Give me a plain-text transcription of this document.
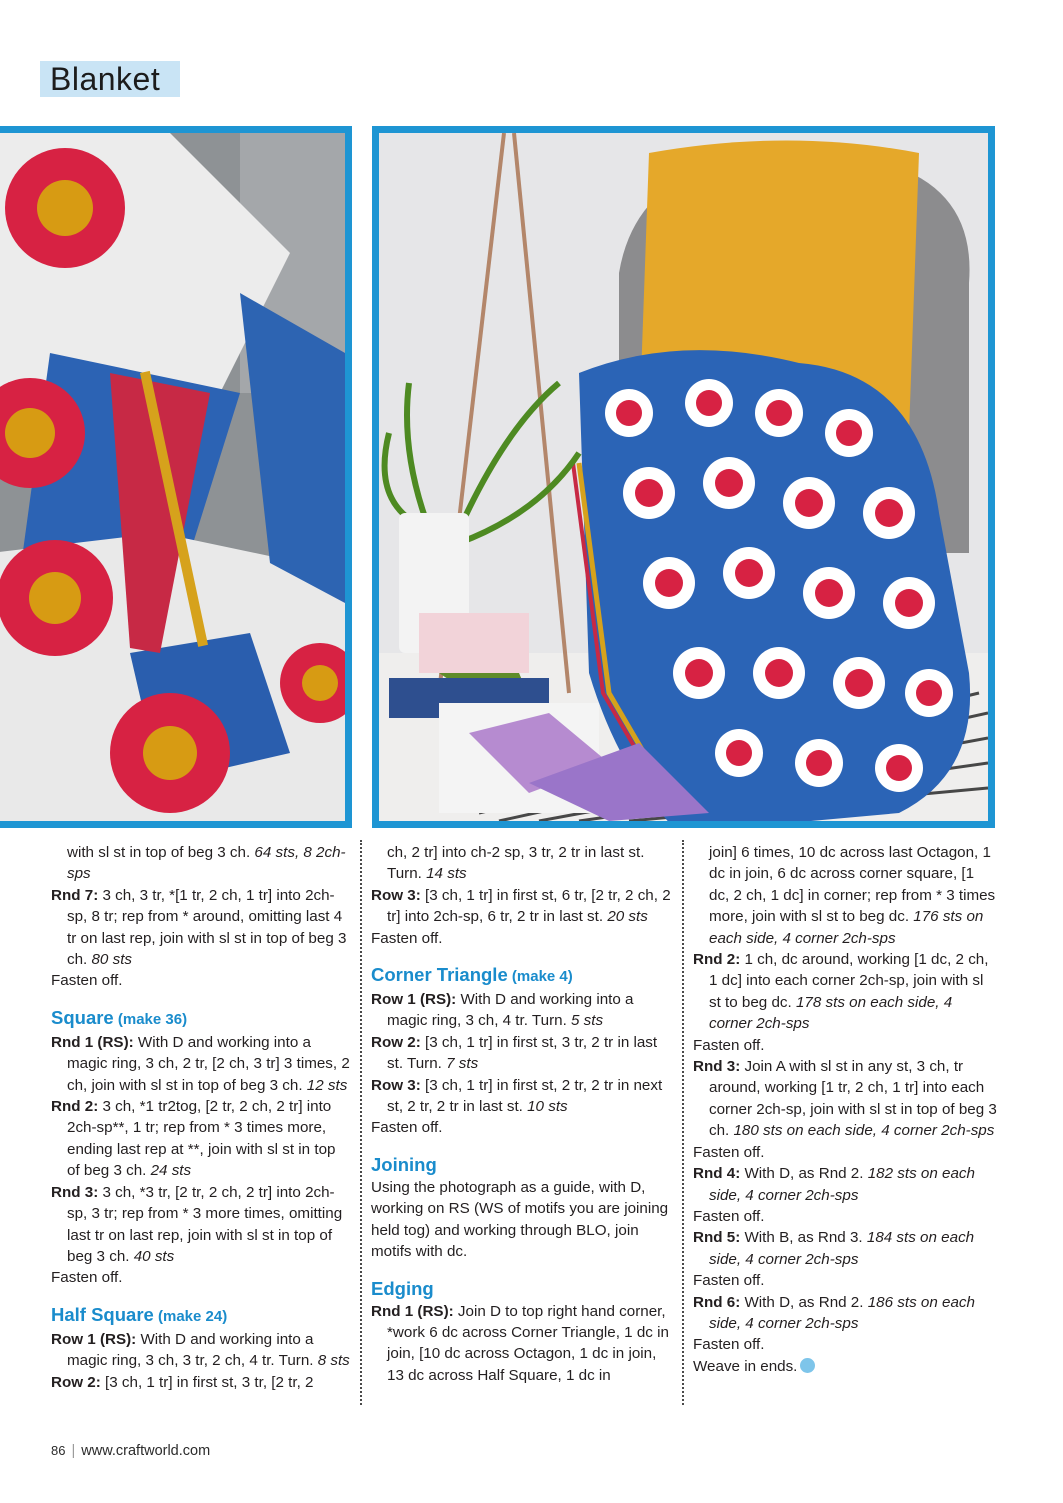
Blanket

with sl st in top of beg 3 ch. 64 sts, 8 2ch-sps

Rnd 7: 3 ch, 3 tr, *[1 tr, 2 ch, 1 tr] into 2ch-sp, 8 tr; rep from * around, omitting last 4 tr on last rep, join with sl st in top of beg 3 ch. 80 sts

Fasten off.

Square (make 36)

Rnd 1 (RS): With D and working into a magic ring, 3 ch, 2 tr, [2 ch, 3 tr] 3 times, 2 ch, join with sl st in top of beg 3 ch. 12 sts

Rnd 2: 3 ch, *1 tr2tog, [2 tr, 2 ch, 2 tr] into 2ch-sp**, 1 tr; rep from * 3 times more, ending last rep at **, join with sl st in top of beg 3 ch. 24 sts

Rnd 3: 3 ch, *3 tr, [2 tr, 2 ch, 2 tr] into 2ch-sp, 3 tr; rep from * 3 more times, omitting last tr on last rep, join with sl st in top of beg 3 ch. 40 sts

Fasten off.

Half Square (make 24)

Row 1 (RS): With D and working into a magic ring, 3 ch, 3 tr, 2 ch, 4 tr. Turn. 8 sts

Row 2: [3 ch, 1 tr] in first st, 3 tr, [2 tr, 2

ch, 2 tr] into ch-2 sp, 3 tr, 2 tr in last st. Turn. 14 sts

Row 3: [3 ch, 1 tr] in first st, 6 tr, [2 tr, 2 ch, 2 tr] into 2ch-sp, 6 tr, 2 tr in last st. 20 sts

Fasten off.

Corner Triangle (make 4)

Row 1 (RS): With D and working into a magic ring, 3 ch, 4 tr. Turn. 5 sts

Row 2: [3 ch, 1 tr] in first st, 3 tr, 2 tr in last st. Turn. 7 sts

Row 3: [3 ch, 1 tr] in first st, 2 tr, 2 tr in next st, 2 tr, 2 tr in last st. 10 sts

Fasten off.

Joining

Using the photograph as a guide, with D, working on RS (WS of motifs you are joining held tog) and working through BLO, join motifs with dc.

Edging

Rnd 1 (RS): Join D to top right hand corner, *work 6 dc across Corner Triangle, 1 dc in join, [10 dc across Octagon, 1 dc in join, 13 dc across Half Square, 1 dc in

join] 6 times, 10 dc across last Octagon, 1 dc in join, 6 dc across corner square, [1 dc, 2 ch, 1 dc] in corner; rep from * 3 times more, join with sl st to beg dc. 176 sts on each side, 4 corner 2ch-sps

Rnd 2: 1 ch, dc around, working [1 dc, 2 ch, 1 dc] into each corner 2ch-sp, join with sl st to beg dc. 178 sts on each side, 4 corner 2ch-sps

Fasten off.

Rnd 3: Join A with sl st in any st, 3 ch, tr around, working [1 tr, 2 ch, 1 tr] into each corner 2ch-sp, join with sl st in top of beg 3 ch. 180 sts on each side, 4 corner 2ch-sps

Fasten off.

Rnd 4: With D, as Rnd 2. 182 sts on each side, 4 corner 2ch-sps

Fasten off.

Rnd 5: With B, as Rnd 3. 184 sts on each side, 4 corner 2ch-sps

Fasten off.

Rnd 6: With D, as Rnd 2. 186 sts on each side, 4 corner 2ch-sps

Fasten off.

Weave in ends.

86 | www.craftworld.com
